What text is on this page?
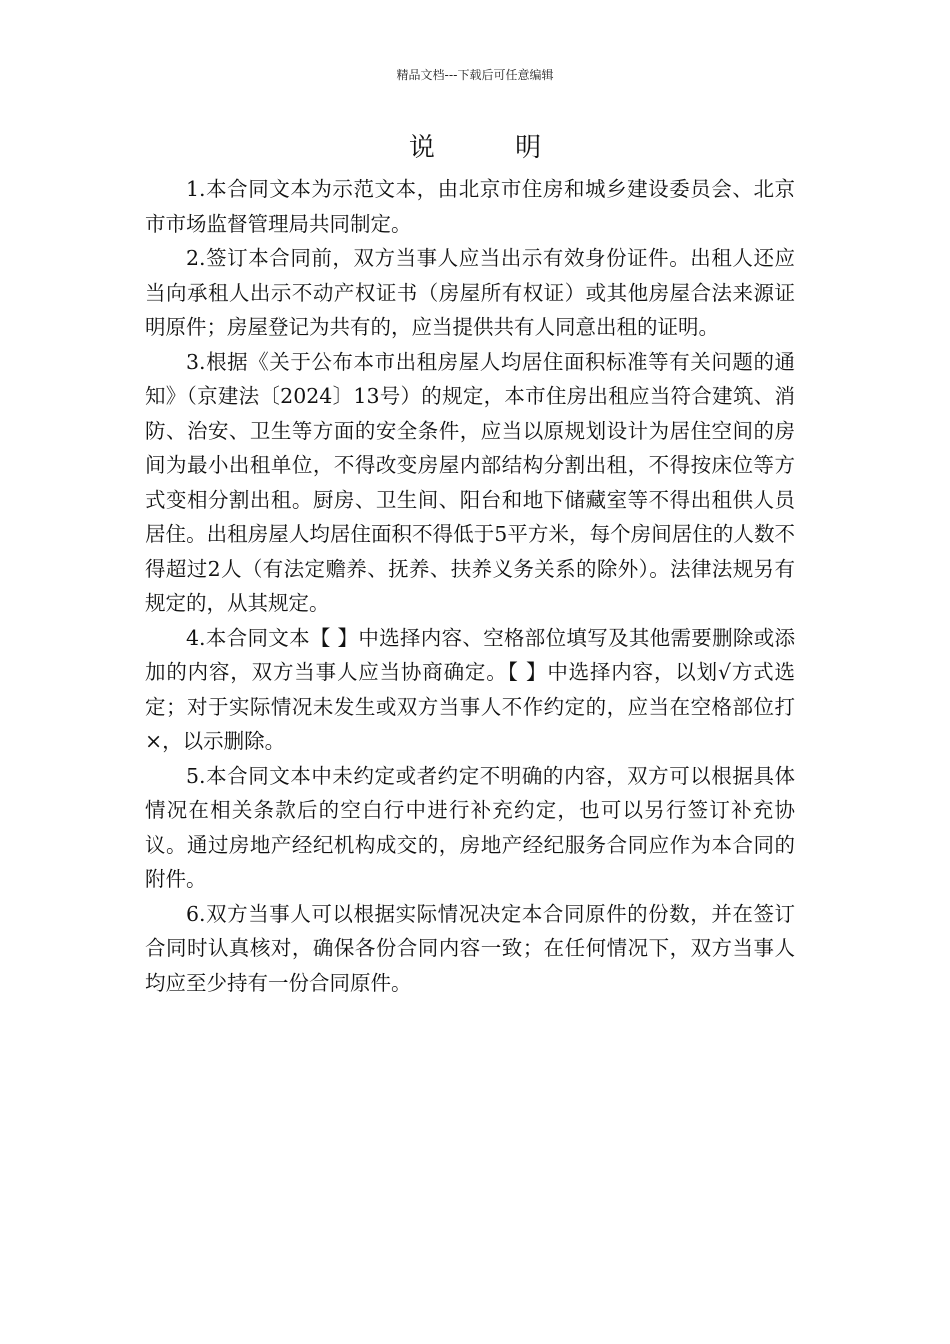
精品文档---下载后可任意编辑
说 明

1.本合同文本为示范文本，由北京市住房和城乡建设委员会、北京市市场监督管理局共同制定。

2.签订本合同前，双方当事人应当出示有效身份证件。出租人还应当向承租人出示不动产权证书（房屋所有权证）或其他房屋合法来源证明原件；房屋登记为共有的，应当提供共有人同意出租的证明。

3.根据《关于公布本市出租房屋人均居住面积标准等有关问题的通知》（京建法〔2024〕13号）的规定，本市住房出租应当符合建筑、消防、治安、卫生等方面的安全条件，应当以原规划设计为居住空间的房间为最小出租单位，不得改变房屋内部结构分割出租，不得按床位等方式变相分割出租。厨房、卫生间、阳台和地下储藏室等不得出租供人员居住。出租房屋人均居住面积不得低于5平方米，每个房间居住的人数不得超过2人（有法定赡养、抚养、扶养义务关系的除外）。法律法规另有规定的，从其规定。

4.本合同文本【 】中选择内容、空格部位填写及其他需要删除或添加的内容，双方当事人应当协商确定。【 】中选择内容，以划√方式选定；对于实际情况未发生或双方当事人不作约定的，应当在空格部位打×，以示删除。

5.本合同文本中未约定或者约定不明确的内容，双方可以根据具体情况在相关条款后的空白行中进行补充约定，也可以另行签订补充协议。通过房地产经纪机构成交的，房地产经纪服务合同应作为本合同的附件。

6.双方当事人可以根据实际情况决定本合同原件的份数，并在签订合同时认真核对，确保各份合同内容一致；在任何情况下，双方当事人均应至少持有一份合同原件。
